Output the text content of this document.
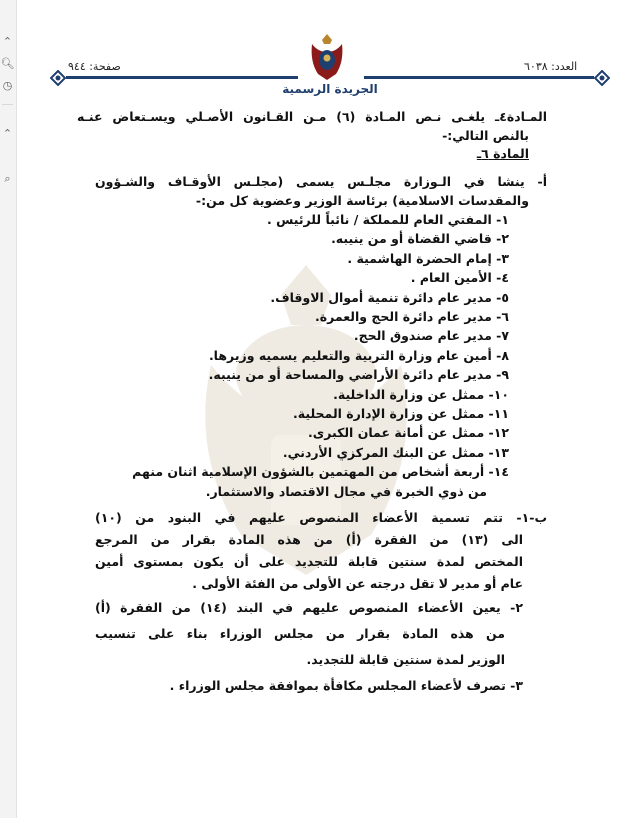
⌃
🔍︎
◷
⌃
⌕
صفحة: ٩٤٤	العدد: ٦٠٣٨
الجريدة الرسمية

المـادة٤ـ يلغـى نـص المـادة (٦) مـن القـانون الأصـلي ويسـتعاض عنـه

بالنص التالي:-

المادة ٦ـ

أ- ينشا في الـوزارة مجلـس يسمى (مجلـس الأوقـاف والشـؤون

والمقدسات الاسلامية) برئاسة الوزير وعضوية كل من:-

١- المفتي العام للمملكة / نائباً للرئيس .

٢- قاضي القضاة أو من ينيبه.

٣- إمام الحضرة الهاشمية .

٤- الأمين العام .

٥- مدير عام دائرة تنمية أموال الاوقاف.

٦- مدير عام دائرة الحج والعمرة.

٧- مدير عام صندوق الحج.

٨- أمين عام وزارة التربية والتعليم يسميه وزيرها.

٩- مدير عام دائرة الأراضي والمساحة أو من ينيبه.

١٠- ممثل عن وزارة الداخلية.

١١- ممثل عن وزارة الإدارة المحلية.

١٢- ممثل عن أمانة عمان الكبرى.

١٣- ممثل عن البنك المركزي الأردني.

١٤- أربعة أشخاص من المهتمين بالشؤون الإسلامية اثنان منهم

من ذوي الخبرة في مجال الاقتصاد والاستثمار.

ب-١- تتم تسمية الأعضاء المنصوص عليهم في البنود من (١٠)

الى (١٣) من الفقرة (أ) من هذه المادة بقرار من المرجع

المختص لمدة سنتين قابلة للتجديد على أن يكون بمستوى أمين

عام أو مدير لا تقل درجته عن الأولى من الفئة الأولى .

٢- يعين الأعضاء المنصوص عليهم في البند (١٤) من الفقرة (أ)

من هذه المادة بقرار من مجلس الوزراء بناء على تنسيب

الوزير لمدة سنتين قابلة للتجديد.

٣- تصرف لأعضاء المجلس مكافأة بموافقة مجلس الوزراء .
